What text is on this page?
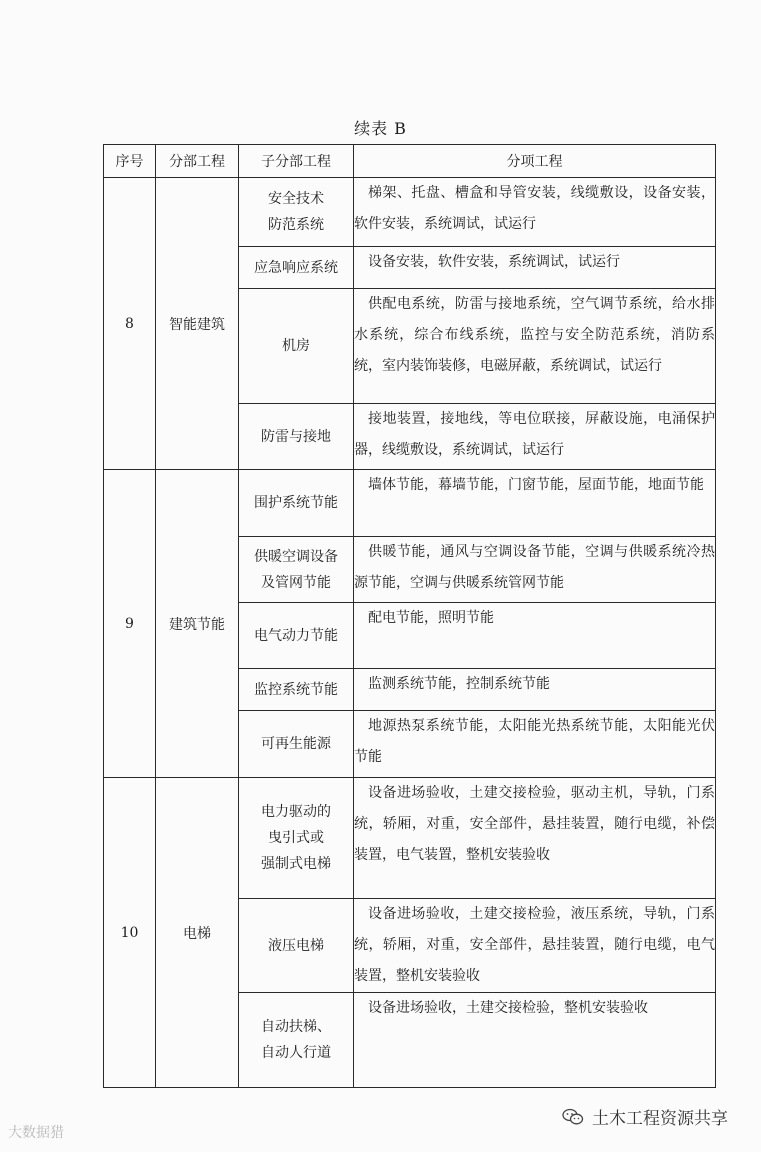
续表 B
序号	分部工程	子分部工程	分项工程
8	智能建筑	安全技术
防范系统	梯架、托盘、槽盒和导管安装，线缆敷设，设备安装，软件安装，系统调试，试运行

		应急响应系统	设备安装，软件安装，系统调试，试运行

		机房	供配电系统，防雷与接地系统，空气调节系统，给水排水系统，综合布线系统，监控与安全防范系统，消防系统，室内装饰装修，电磁屏蔽，系统调试，试运行

		防雷与接地	接地装置，接地线，等电位联接，屏蔽设施，电涌保护器，线缆敷设，系统调试，试运行

9	建筑节能	围护系统节能	墙体节能，幕墙节能，门窗节能，屋面节能，地面节能

		供暖空调设备
及管网节能	供暖节能，通风与空调设备节能，空调与供暖系统冷热源节能，空调与供暖系统管网节能

		电气动力节能	配电节能，照明节能

		监控系统节能	监测系统节能，控制系统节能

		可再生能源	地源热泵系统节能，太阳能光热系统节能，太阳能光伏节能

10	电梯	电力驱动的
曳引式或
强制式电梯	设备进场验收，土建交接检验，驱动主机，导轨，门系统，轿厢，对重，安全部件，悬挂装置，随行电缆，补偿装置，电气装置，整机安装验收

		液压电梯	设备进场验收，土建交接检验，液压系统，导轨，门系统，轿厢，对重，安全部件，悬挂装置，随行电缆，电气装置，整机安装验收

		自动扶梯、
自动人行道	设备进场验收，土建交接检验，整机安装验收
大数据猎
土木工程资源共享
